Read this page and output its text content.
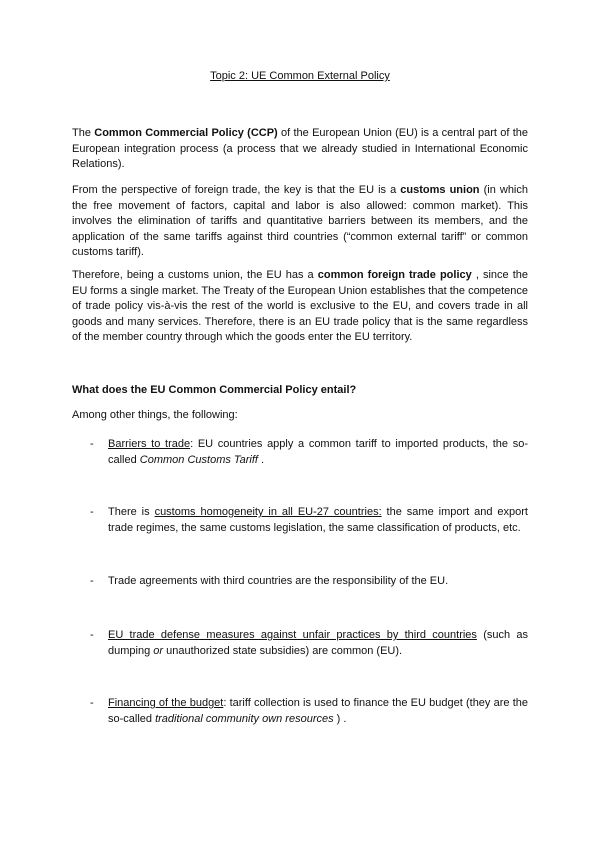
Topic 2: UE Common External Policy

The Common Commercial Policy (CCP) of the European Union (EU) is a central part of the European integration process (a process that we already studied in International Economic Relations).

From the perspective of foreign trade, the key is that the EU is a customs union (in which the free movement of factors, capital and labor is also allowed: common market). This involves the elimination of tariffs and quantitative barriers between its members, and the application of the same tariffs against third countries (“common external tariff” or common customs tariff).

Therefore, being a customs union, the EU has a common foreign trade policy , since the EU forms a single market. The Treaty of the European Union establishes that the competence of trade policy vis-à-vis the rest of the world is exclusive to the EU, and covers trade in all goods and many services. Therefore, there is an EU trade policy that is the same regardless of the member country through which the goods enter the EU territory.

What does the EU Common Commercial Policy entail?

Among other things, the following:

-	Barriers to trade: EU countries apply a common tariff to imported products, the so-called Common Customs Tariff .
-	There is customs homogeneity in all EU-27 countries: the same import and export trade regimes, the same customs legislation, the same classification of products, etc.
-	Trade agreements with third countries are the responsibility of the EU.
-	EU trade defense measures against unfair practices by third countries (such as dumping or unauthorized state subsidies) are common (EU).
-	Financing of the budget: tariff collection is used to finance the EU budget (they are the so-called traditional community own resources ) .
